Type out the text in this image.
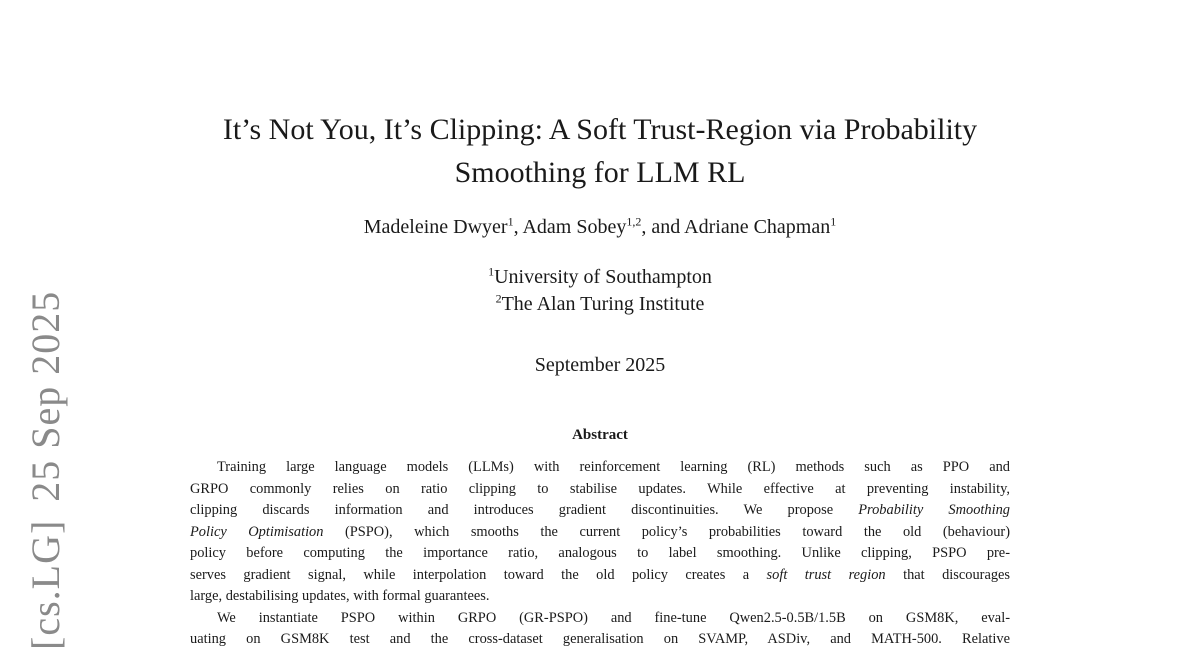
[cs.LG]25 Sep 2025
It’s Not You, It’s Clipping: A Soft Trust-Region via Probability
Smoothing for LLM RL
Madeleine Dwyer$^1$, Adam Sobey$^{1,2}$, and Adriane Chapman$^1$
$^1$University of Southampton
$^2$The Alan Turing Institute
September 2025
Abstract
Training large language models (LLMs) with reinforcement learning (RL) methods such as PPO and
GRPO commonly relies on ratio clipping to stabilise updates. While effective at preventing instability,
clipping discards information and introduces gradient discontinuities. We propose Probability Smoothing
Policy Optimisation (PSPO), which smooths the current policy’s probabilities toward the old (behaviour)
policy before computing the importance ratio, analogous to label smoothing. Unlike clipping, PSPO pre-
serves gradient signal, while interpolation toward the old policy creates a soft trust region that discourages
large, destabilising updates, with formal guarantees.
We instantiate PSPO within GRPO (GR-PSPO) and fine-tune Qwen2.5-0.5B/1.5B on GSM8K, eval-
uating on GSM8K test and the cross-dataset generalisation on SVAMP, ASDiv, and MATH-500. Relative
